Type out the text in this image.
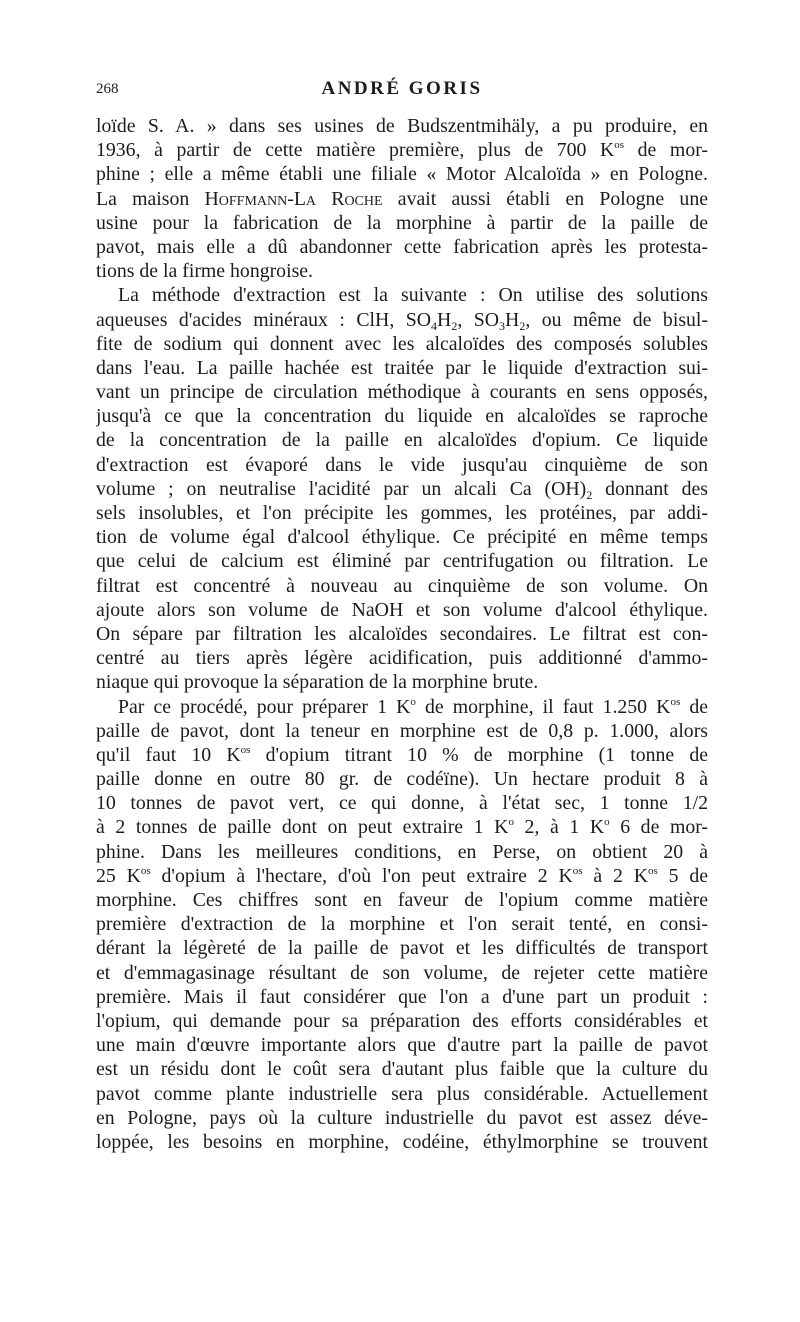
268	ANDRÉ GORIS
loïde S. A. » dans ses usines de Budszentmihäly, a pu produire, en
1936, à partir de cette matière première, plus de 700 $K^{os}$ de mor-
phine ; elle a même établi une filiale « Motor Alcaloïda » en Pologne.
La maison Hoffmann-La Roche avait aussi établi en Pologne une
usine pour la fabrication de la morphine à partir de la paille de
pavot, mais elle a dû abandonner cette fabrication après les protesta-
tions de la firme hongroise.
La méthode d'extraction est la suivante : On utilise des solutions
aqueuses d'acides minéraux : ClH, $SO_4H_2$, $SO_3H_2$, ou même de bisul-
fite de sodium qui donnent avec les alcaloïdes des composés solubles
dans l'eau. La paille hachée est traitée par le liquide d'extraction sui-
vant un principe de circulation méthodique à courants en sens opposés,
jusqu'à ce que la concentration du liquide en alcaloïdes se raproche
de la concentration de la paille en alcaloïdes d'opium. Ce liquide
d'extraction est évaporé dans le vide jusqu'au cinquième de son
volume ; on neutralise l'acidité par un alcali Ca $(OH)_2$ donnant des
sels insolubles, et l'on précipite les gommes, les protéines, par addi-
tion de volume égal d'alcool éthylique. Ce précipité en même temps
que celui de calcium est éliminé par centrifugation ou filtration. Le
filtrat est concentré à nouveau au cinquième de son volume. On
ajoute alors son volume de NaOH et son volume d'alcool éthylique.
On sépare par filtration les alcaloïdes secondaires. Le filtrat est con-
centré au tiers après légère acidification, puis additionné d'ammo-
niaque qui provoque la séparation de la morphine brute.
Par ce procédé, pour préparer 1 $K^o$ de morphine, il faut 1.250 $K^{os}$ de
paille de pavot, dont la teneur en morphine est de 0,8 p. 1.000, alors
qu'il faut 10 $K^{os}$ d'opium titrant 10 % de morphine (1 tonne de
paille donne en outre 80 gr. de codéïne). Un hectare produit 8 à
10 tonnes de pavot vert, ce qui donne, à l'état sec, 1 tonne 1/2
à 2 tonnes de paille dont on peut extraire 1 $K^o$ 2, à 1 $K^o$ 6 de mor-
phine. Dans les meilleures conditions, en Perse, on obtient 20 à
25 $K^{os}$ d'opium à l'hectare, d'où l'on peut extraire 2 $K^{os}$ à 2 $K^{os}$ 5 de
morphine. Ces chiffres sont en faveur de l'opium comme matière
première d'extraction de la morphine et l'on serait tenté, en consi-
dérant la légèreté de la paille de pavot et les difficultés de transport
et d'emmagasinage résultant de son volume, de rejeter cette matière
première. Mais il faut considérer que l'on a d'une part un produit :
l'opium, qui demande pour sa préparation des efforts considérables et
une main d'œuvre importante alors que d'autre part la paille de pavot
est un résidu dont le coût sera d'autant plus faible que la culture du
pavot comme plante industrielle sera plus considérable. Actuellement
en Pologne, pays où la culture industrielle du pavot est assez déve-
loppée, les besoins en morphine, codéine, éthylmorphine se trouvent
